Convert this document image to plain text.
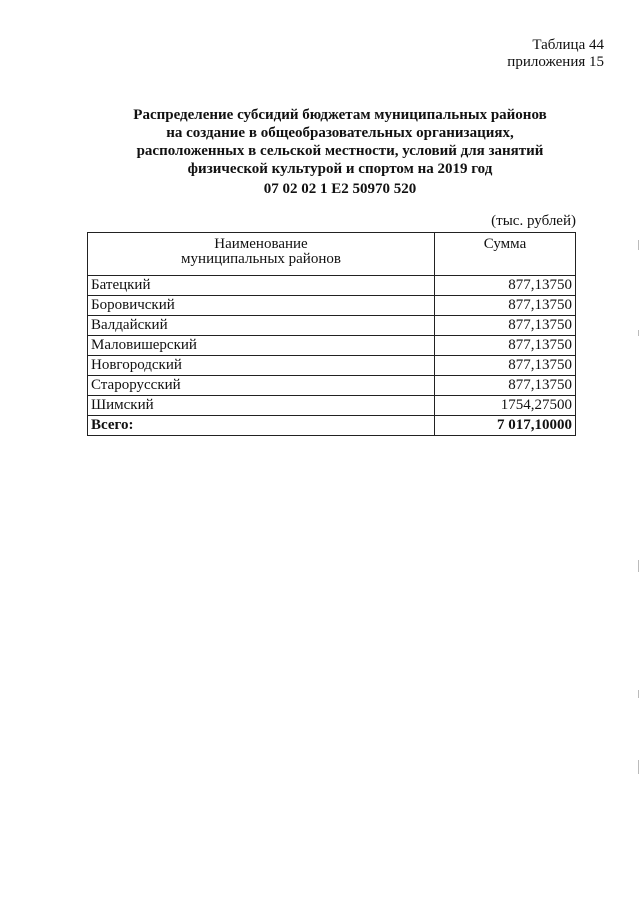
Таблица 44
приложения 15
Распределение субсидий бюджетам муниципальных районов
на создание в общеобразовательных организациях,
расположенных в сельской местности, условий для занятий
физической культурой и спортом на 2019 год
07 02 02 1 E2 50970 520
(тыс. рублей)
Наименование
муниципальных районов	Сумма
Батецкий	877,13750
Боровичский	877,13750
Валдайский	877,13750
Маловишерский	877,13750
Новгородский	877,13750
Старорусский	877,13750
Шимский	1754,27500
Всего:	7 017,10000
